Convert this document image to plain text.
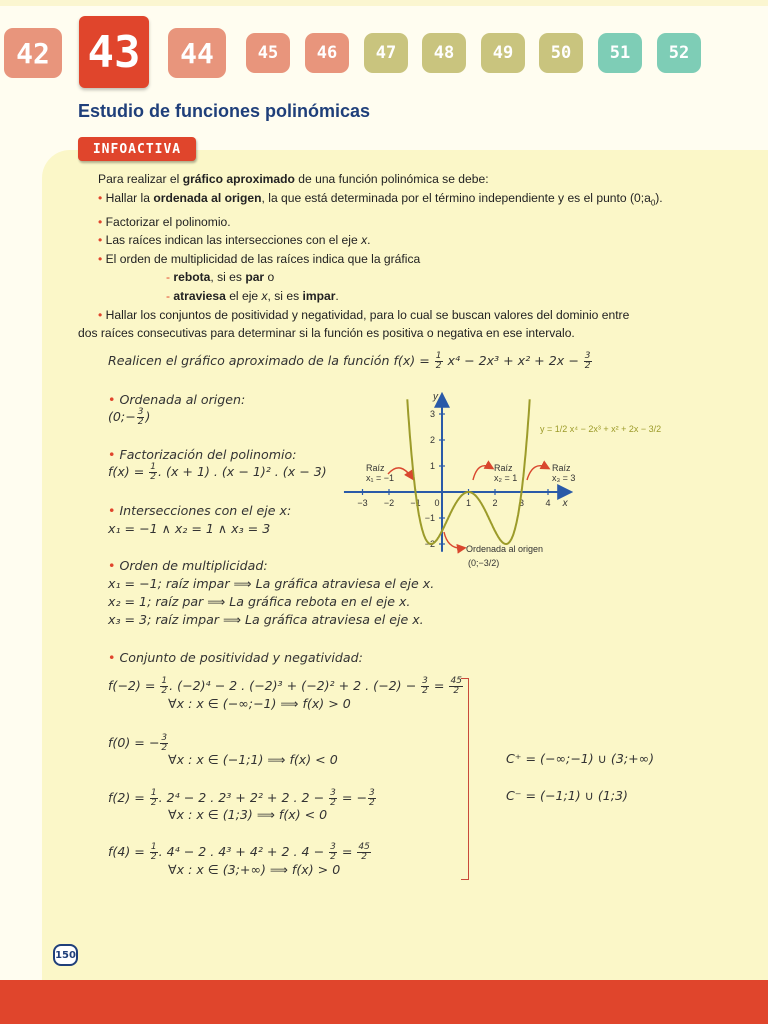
42 43	44	45	46	47	48	49	50	51	52
Estudio de funciones polinómicas
INFOACTIVA

Para realizar el gráfico aproximado de una función polinómica se debe:

• Hallar la ordenada al origen, la que está determinada por el término independiente y es el punto $(0;a_0)$.

• Factorizar el polinomio.

• Las raíces indican las intersecciones con el eje x.

• El orden de multiplicidad de las raíces indica que la gráfica

- rebota, si es par o

- atraviesa el eje x, si es impar.

• Hallar los conjuntos de positividad y negatividad, para lo cual se buscan valores del dominio entre

dos raíces consecutivas para determinar si la función es positiva o negativa en ese intervalo.

Realicen el gráfico aproximado de la función $f(x) = \frac{1}{2} x^4 - 2x^3 + x^2 + 2x - \frac{3}{2}$
• Ordenada al origen:
(0;− $\frac{3}{2}$ )
• Factorización del polinomio:
$f(x) = \frac{1}{2}$ . (x + 1) . (x − 1)² . (x − 3)
• Intersecciones con el eje x:
x₁ = −1 ∧ x₂ = 1 ∧ x₃ = 3
• Orden de multiplicidad:
x₁ = −1; raíz impar ⟹ La gráfica atraviesa el eje x.
x₂ = 1; raíz par ⟹ La gráfica rebota en el eje x.
x₃ = 3; raíz impar ⟹ La gráfica atraviesa el eje x.
• Conjunto de positividad y negatividad:
$f(-2) = \frac{1}{2}$ . (−2)⁴ − 2 . (−2)³ + (−2)² + 2 . $(-2) - \frac{3}{2} = \frac{45}{2}$
∀x : x ∈ (−∞;−1) ⟹ f(x) > 0
f(0) = − $\frac{3}{2}$
∀x : x ∈ (−1;1) ⟹ f(x) < 0
$f(2) = \frac{1}{2}$ . 2⁴ − 2 . 2³ + 2² + 2 . $2 - \frac{3}{2}$ = − $\frac{3}{2}$
∀x : x ∈ (1;3) ⟹ f(x) < 0
$f(4) = \frac{1}{2}$ . 4⁴ − 2 . 4³ + 4² + 2 . $4 - \frac{3}{2} = \frac{45}{2}$
∀x : x ∈ (3;+∞) ⟹ f(x) > 0
C⁺ = (−∞;−1) ∪ (3;+∞)
C⁻ = (−1;1) ∪ (1;3)
−3 −2 −1 0	1 2 3 4
3
2
1
−1
−2
x
y
y = 1/2 x⁴ − 2x³ + x² + 2x − 3/2
Raíz
x₁ = −1
Raíz
x₂ = 1
Raíz
x₃ = 3
Ordenada al origen
(0;−3/2)
150
